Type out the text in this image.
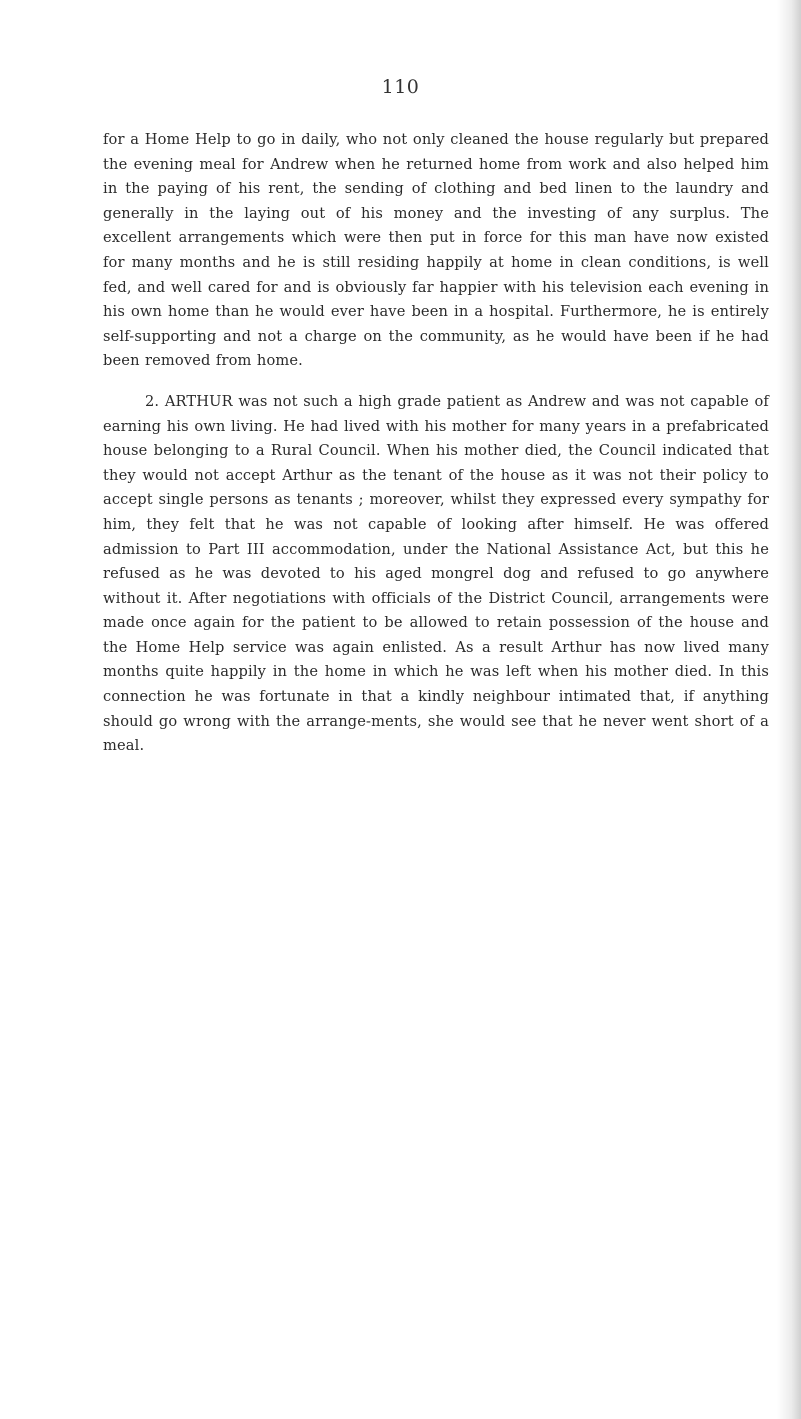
110

for a Home Help to go in daily, who not only cleaned the house regularly but prepared the evening meal for Andrew when he returned home from work and also helped him in the paying of his rent, the sending of clothing and bed linen to the laundry and generally in the laying out of his money and the investing of any surplus. The excellent arrangements which were then put in force for this man have now existed for many months and he is still residing happily at home in clean conditions, is well fed, and well cared for and is obviously far happier with his television each evening in his own home than he would ever have been in a hospital. Furthermore, he is entirely self-supporting and not a charge on the community, as he would have been if he had been removed from home.

2. ARTHUR was not such a high grade patient as Andrew and was not capable of earning his own living. He had lived with his mother for many years in a prefabricated house belonging to a Rural Council. When his mother died, the Council indicated that they would not accept Arthur as the tenant of the house as it was not their policy to accept single persons as tenants ; moreover, whilst they expressed every sympathy for him, they felt that he was not capable of looking after himself. He was offered admission to Part III accommodation, under the National Assistance Act, but this he refused as he was devoted to his aged mongrel dog and refused to go anywhere without it. After negotiations with officials of the District Council, arrangements were made once again for the patient to be allowed to retain possession of the house and the Home Help service was again enlisted. As a result Arthur has now lived many months quite happily in the home in which he was left when his mother died. In this connection he was fortunate in that a kindly neighbour intimated that, if anything should go wrong with the arrange-ments, she would see that he never went short of a meal.
